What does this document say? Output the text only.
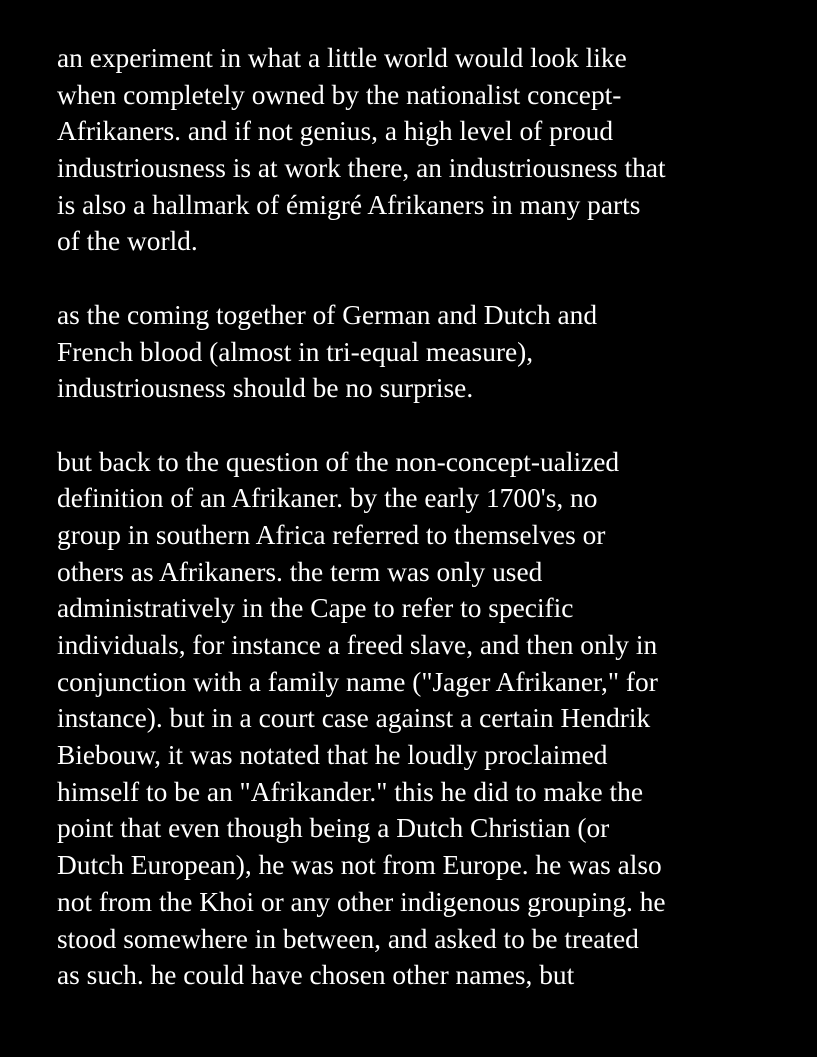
an experiment in what a little world would look like

when completely owned by the nationalist concept-

Afrikaners. and if not genius, a high level of proud

industriousness is at work there, an industriousness that

is also a hallmark of émigré Afrikaners in many parts

of the world.

as the coming together of German and Dutch and

French blood (almost in tri-equal measure),

industriousness should be no surprise.

but back to the question of the non-concept-ualized

definition of an Afrikaner. by the early 1700's, no

group in southern Africa referred to themselves or

others as Afrikaners. the term was only used

administratively in the Cape to refer to specific

individuals, for instance a freed slave, and then only in

conjunction with a family name ("Jager Afrikaner," for

instance). but in a court case against a certain Hendrik

Biebouw, it was notated that he loudly proclaimed

himself to be an "Afrikander." this he did to make the

point that even though being a Dutch Christian (or

Dutch European), he was not from Europe. he was also

not from the Khoi or any other indigenous grouping. he

stood somewhere in between, and asked to be treated

as such. he could have chosen other names, but
